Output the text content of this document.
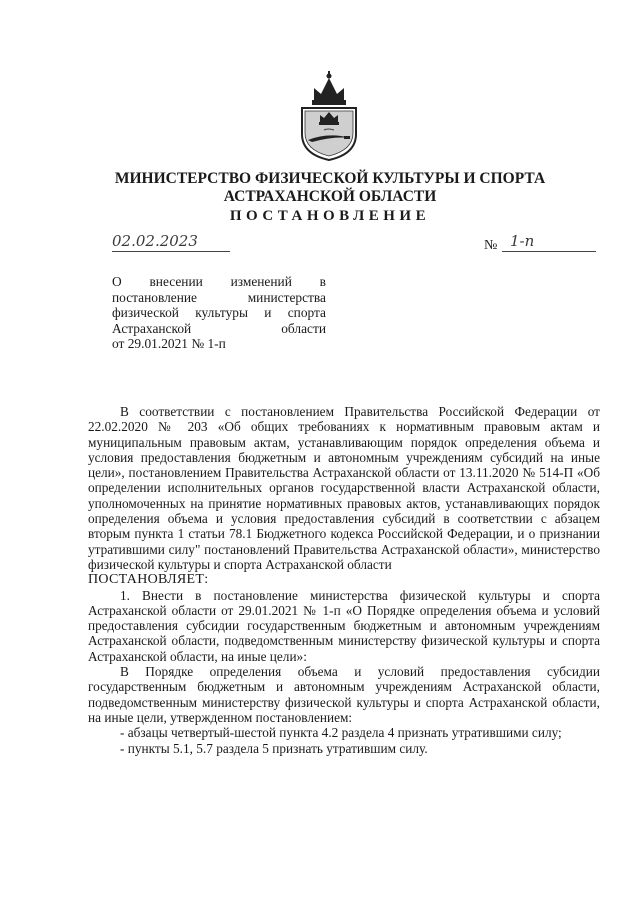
МИНИСТЕРСТВО ФИЗИЧЕСКОЙ КУЛЬТУРЫ И СПОРТА
АСТРАХАНСКОЙ ОБЛАСТИ
ПОСТАНОВЛЕНИЕ
02.02.2023	№ 1-п
О внесении изменений в
постановление министерства
физической культуры и спорта
Астраханской области
от 29.01.2021 № 1-п

В соответствии с постановлением Правительства Российской Федерации от 22.02.2020 № 203 «Об общих требованиях к нормативным правовым актам и муниципальным правовым актам, устанавливающим порядок определения объема и условия предоставления бюджетным и автономным учреждениям субсидий на иные цели», постановлением Правительства Астраханской области от 13.11.2020 № 514-П «Об определении исполнительных органов государственной власти Астраханской области, уполномоченных на принятие нормативных правовых актов, устанавливающих порядок определения объема и условия предоставления субсидий в соответствии с абзацем вторым пункта 1 статьи 78.1 Бюджетного кодекса Российской Федерации, и о признании утратившими силу" постановлений Правительства Астраханской области», министерство физической культуры и спорта Астраханской области

ПОСТАНОВЛЯЕТ:

1. Внести в постановление министерства физической культуры и спорта Астраханской области от 29.01.2021 № 1-п «О Порядке определения объема и условий предоставления субсидии государственным бюджетным и автономным учреждениям Астраханской области, подведомственным министерству физической культуры и спорта Астраханской области, на иные цели»:

В Порядке определения объема и условий предоставления субсидии государственным бюджетным и автономным учреждениям Астраханской области, подведомственным министерству физической культуры и спорта Астраханской области, на иные цели, утвержденном постановлением:

- абзацы четвертый-шестой пункта 4.2 раздела 4 признать утратившими силу;

- пункты 5.1, 5.7 раздела 5 признать утратившим силу.
